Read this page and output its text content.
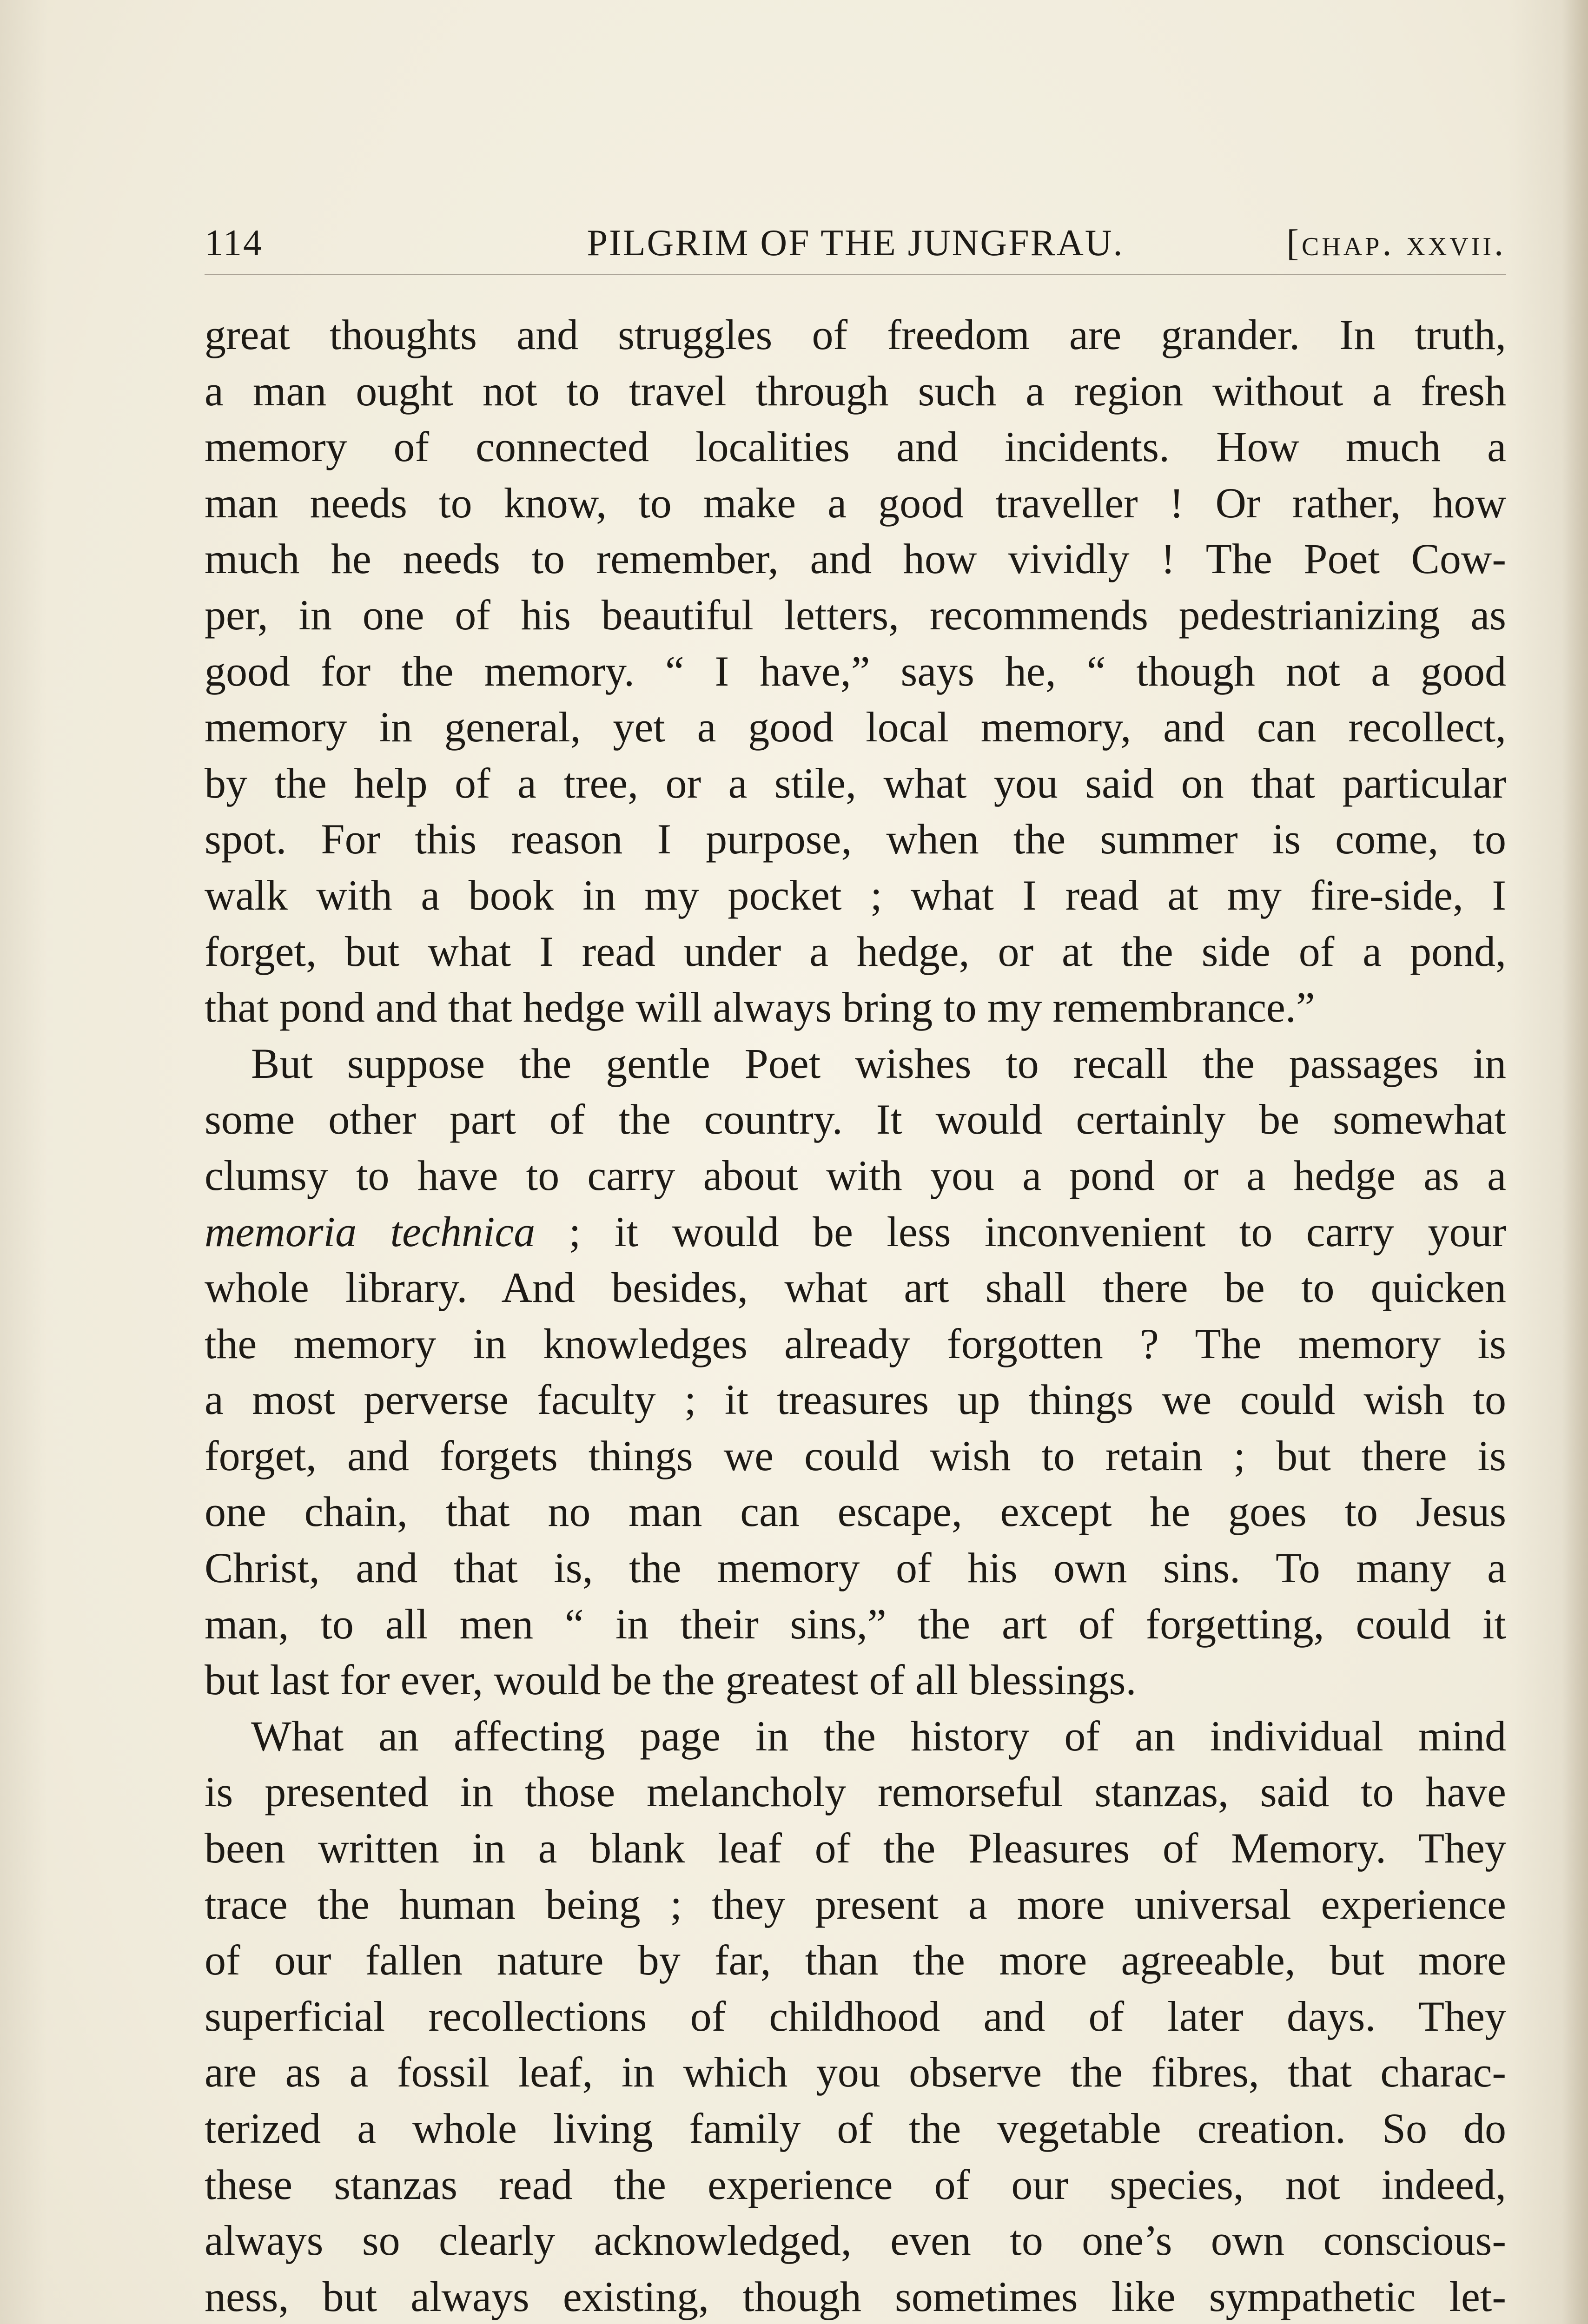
114	PILGRIM OF THE JUNGFRAU.	[chap. xxvii.
great thoughts and struggles of freedom are grander. In truth,
a man ought not to travel through such a region without a fresh
memory of connected localities and incidents. How much a
man needs to know, to make a good traveller ! Or rather, how
much he needs to remember, and how vividly ! The Poet Cow-
per, in one of his beautiful letters, recommends pedestrianizing as
good for the memory. “ I have,” says he, “ though not a good
memory in general, yet a good local memory, and can recollect,
by the help of a tree, or a stile, what you said on that particular
spot. For this reason I purpose, when the summer is come, to
walk with a book in my pocket ; what I read at my fire-side, I
forget, but what I read under a hedge, or at the side of a pond,
that pond and that hedge will always bring to my remembrance.”
But suppose the gentle Poet wishes to recall the passages in
some other part of the country. It would certainly be somewhat
clumsy to have to carry about with you a pond or a hedge as a
memoria technica ; it would be less inconvenient to carry your
whole library. And besides, what art shall there be to quicken
the memory in knowledges already forgotten ? The memory is
a most perverse faculty ; it treasures up things we could wish to
forget, and forgets things we could wish to retain ; but there is
one chain, that no man can escape, except he goes to Jesus
Christ, and that is, the memory of his own sins. To many a
man, to all men “ in their sins,” the art of forgetting, could it
but last for ever, would be the greatest of all blessings.
What an affecting page in the history of an individual mind
is presented in those melancholy remorseful stanzas, said to have
been written in a blank leaf of the Pleasures of Memory. They
trace the human being ; they present a more universal experience
of our fallen nature by far, than the more agreeable, but more
superficial recollections of childhood and of later days. They
are as a fossil leaf, in which you observe the fibres, that charac-
terized a whole living family of the vegetable creation. So do
these stanzas read the experience of our species, not indeed,
always so clearly acknowledged, even to one’s own conscious-
ness, but always existing, though sometimes like sympathetic let-
